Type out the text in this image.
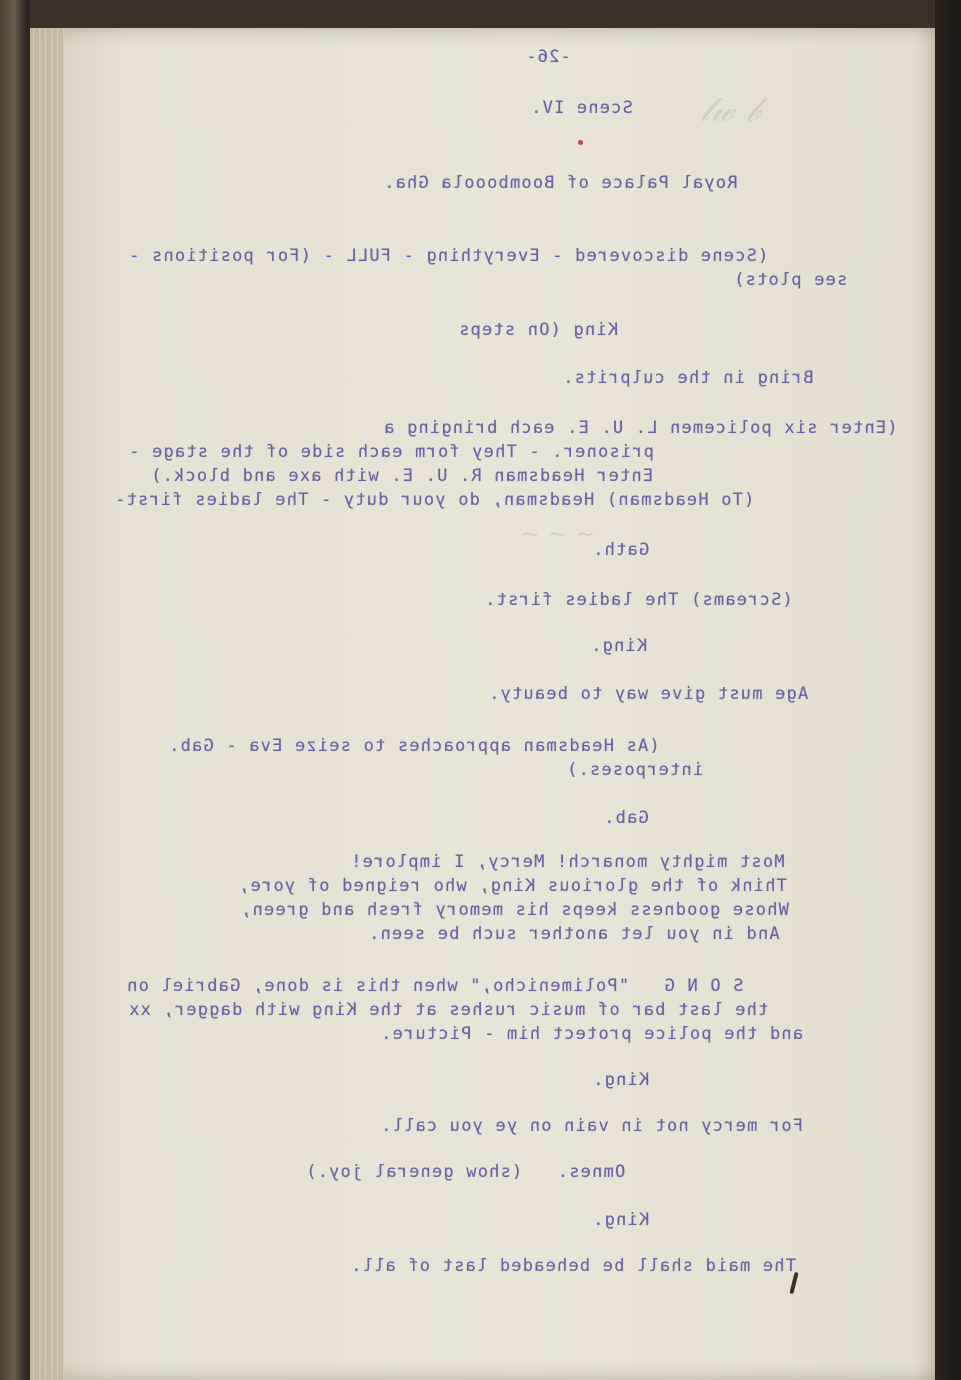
𝓁𝓌 𝒷
~ ~ ~
-26-
Scene IV.
Royal Palace of Boombooola Gha.
(Scene discovered - Everything - FULL - (For positions -
see plots)
King (On steps
Bring in the culprits.
(Enter six policemen L. U. E. each bringing a
prisoner. - They form each side of the stage -
Enter Headsman R. U. E. with axe and block.)
(To Headsman) Headsman, do your duty - The ladies first-
Gath.
(Screams) The ladies first.
King.
Age must give way to beauty.
(As Headsman approaches to seize Eva - Gab.
interposes.)
Gab.
Most mighty monarch! Mercy, I implore!
Think of the glorious King, who reigned of yore,
Whose goodness keeps his memory fresh and green,
And in you let another such be seen.
S O N G   "Polimenicho," when this is done, Gabriel on
the last bar of music rushes at the King with dagger, xx
and the police protect him - Picture.
King.
For mercy not in vain on ye you call.
Omnes.   (show general joy.)
King.
The maid shall be beheaded last of all.
